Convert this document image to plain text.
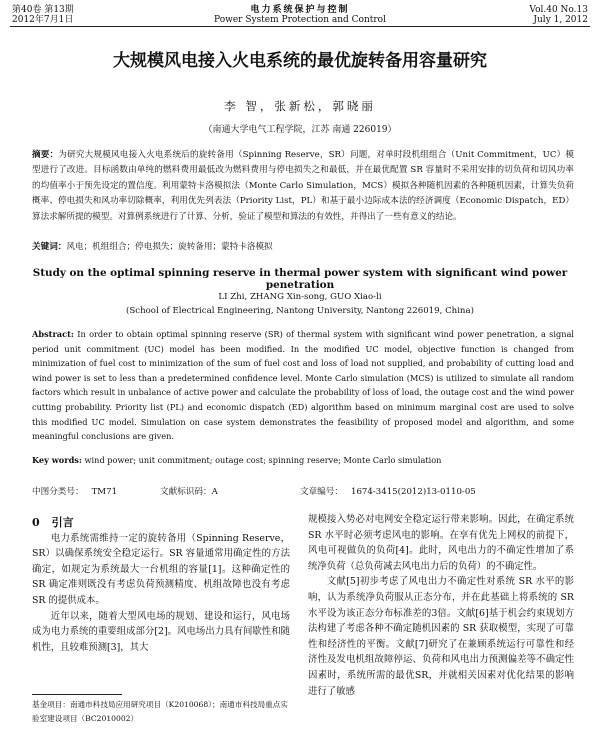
第40卷 第13期
2012年7月1日
电力系统保护与控制
Power System Protection and Control
Vol.40 No.13
July 1, 2012
大规模风电接入火电系统的最优旋转备用容量研究
李 智，张新松，郭晓丽
（南通大学电气工程学院，江苏 南通 226019）
摘要：为研究大规模风电接入火电系统后的旋转备用（Spinning Reserve，SR）问题，对单时段机组组合（Unit Commitment，UC）模型进行了改进。目标函数由单纯的燃料费用最低改为燃料费用与停电损失之和最低，并在最优配置 SR 容量时不采用安排的切负荷和切风功率的均值率小于预先设定的置信度。利用蒙特卡洛模拟法（Monte Carlo Simulation，MCS）模拟各种随机因素的各种随机因素，计算失负荷概率、停电损失和风功率切除概率，利用优先列表法（Priority List，PL）和基于最小边际成本法的经济调度（Economic Dispatch，ED）算法求解所提的模型。对算例系统进行了计算、分析，验证了模型和算法的有效性，并得出了一些有意义的结论。
关键词：风电；机组组合；停电损失；旋转备用；蒙特卡洛模拟
Study on the optimal spinning reserve in thermal power system with significant wind power penetration
LI Zhi, ZHANG Xin-song, GUO Xiao-li
(School of Electrical Engineering, Nantong University, Nantong 226019, China)
Abstract: In order to obtain optimal spinning reserve (SR) of thermal system with significant wind power penetration, a signal period unit commitment (UC) model has been modified. In the modified UC model, objective function is changed from minimization of fuel cost to minimization of the sum of fuel cost and loss of load not supplied, and probability of cutting load and wind power is set to less than a predetermined confidence level. Monte Carlo simulation (MCS) is utilized to simulate all random factors which result in unbalance of active power and calculate the probability of loss of load, the outage cost and the wind power cutting probability. Priority list (PL) and economic dispatch (ED) algorithm based on minimum marginal cost are used to solve this modified UC model. Simulation on case system demonstrates the feasibility of proposed model and algorithm, and some meaningful conclusions are given.
Key words: wind power; unit commitment; outage cost; spinning reserve; Monte Carlo simulation
中图分类号： TM71	文献标识码：A	文章编号： 1674-3415(2012)13-0110-05

0 引言

电力系统需维持一定的旋转备用（Spinning Reserve，SR）以确保系统安全稳定运行。SR 容量通常用确定性的方法确定，如规定为系统最大一台机组的容量[1]。这种确定性的 SR 确定准则既没有考虑负荷预测精度、机组故障也没有考虑 SR 的提供成本。

近年以来，随着大型风电场的规划、建设和运行，风电场成为电力系统的重要组成部分[2]。风电场出力具有间歇性和随机性，且较难预测[3]，其大

规模接入势必对电网安全稳定运行带来影响。因此，在确定系统 SR 水平时必须考虑风电的影响。在享有优先上网权的前提下，风电可视做负的负荷[4]。此时，风电出力的不确定性增加了系统净负荷（总负荷减去风电出力后的负荷）的不确定性。

文献[5]初步考虑了风电出力不确定性对系统 SR 水平的影响，认为系统净负荷服从正态分布，并在此基础上将系统的 SR 水平设为该正态分布标准差的3倍。文献[6]基于机会约束规划方法构建了考虑各种不确定随机因素的 SR 获取模型，实现了可靠性和经济性的平衡。文献[7]研究了在兼顾系统运行可靠性和经济性及发电机组故障停运、负荷和风电出力预测偏差等不确定性因素时，系统所需的最优SR，并就相关因素对优化结果的影响进行了敏感

基金项目：南通市科技局应用研究项目（K2010068）；南通市科技局重点实验室建设项目（BC2010002）
